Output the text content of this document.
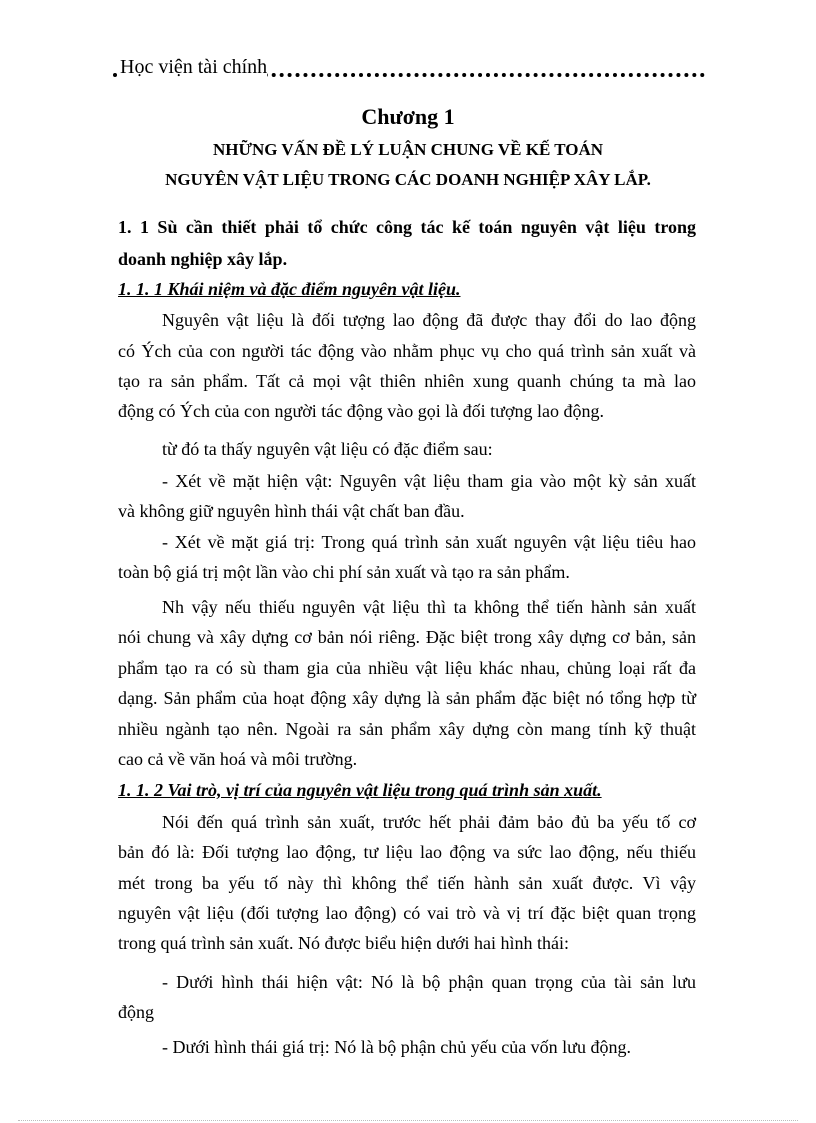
Học viện tài chính
Chương 1
NHỮNG VẤN ĐỀ LÝ LUẬN CHUNG VỀ KẾ TOÁN
NGUYÊN VẬT LIỆU TRONG CÁC DOANH NGHIỆP XÂY LẮP.
1. 1 Sù cần thiết phải tổ chức công tác kế toán nguyên vật liệu trong
doanh nghiệp xây lắp.
1. 1. 1 Khái niệm và đặc điểm nguyên vật liệu.
Nguyên vật liệu là đối tượng lao động đã được thay đổi do lao động
có Ých của con người tác động vào nhằm phục vụ cho quá trình sản xuất và
tạo ra sản phẩm. Tất cả mọi vật thiên nhiên xung quanh chúng ta mà lao
động có Ých của con người tác động vào gọi là đối tượng lao động.
từ đó ta thấy nguyên vật liệu có đặc điểm sau:
- Xét về mặt hiện vật: Nguyên vật liệu tham gia vào một kỳ sản xuất
và không giữ nguyên hình thái vật chất ban đầu.
- Xét về mặt giá trị: Trong quá trình sản xuất nguyên vật liệu tiêu hao
toàn bộ giá trị một lần vào chi phí sản xuất và tạo ra sản phẩm.
Nh vậy nếu thiếu nguyên vật liệu thì ta không thể tiến hành sản xuất
nói chung và xây dựng cơ bản nói riêng. Đặc biệt trong xây dựng cơ bản, sản
phẩm tạo ra có sù tham gia của nhiều vật liệu khác nhau, chủng loại rất đa
dạng. Sản phẩm của hoạt động xây dựng là sản phẩm đặc biệt nó tổng hợp từ
nhiều ngành tạo nên. Ngoài ra sản phẩm xây dựng còn mang tính kỹ thuật
cao cả về văn hoá và môi trường.
1. 1. 2 Vai trò, vị trí của nguyên vật liệu trong quá trình sản xuất.
Nói đến quá trình sản xuất, trước hết phải đảm bảo đủ ba yếu tố cơ
bản đó là: Đối tượng lao động, tư liệu lao động va sức lao động, nếu thiếu
mét trong ba yếu tố này thì không thể tiến hành sản xuất được. Vì vậy
nguyên vật liệu (đối tượng lao động) có vai trò và vị trí đặc biệt quan trọng
trong quá trình sản xuất. Nó được biểu hiện dưới hai hình thái:
- Dưới hình thái hiện vật: Nó là bộ phận quan trọng của tài sản lưu
động
- Dưới hình thái giá trị: Nó là bộ phận chủ yếu của vốn lưu động.
